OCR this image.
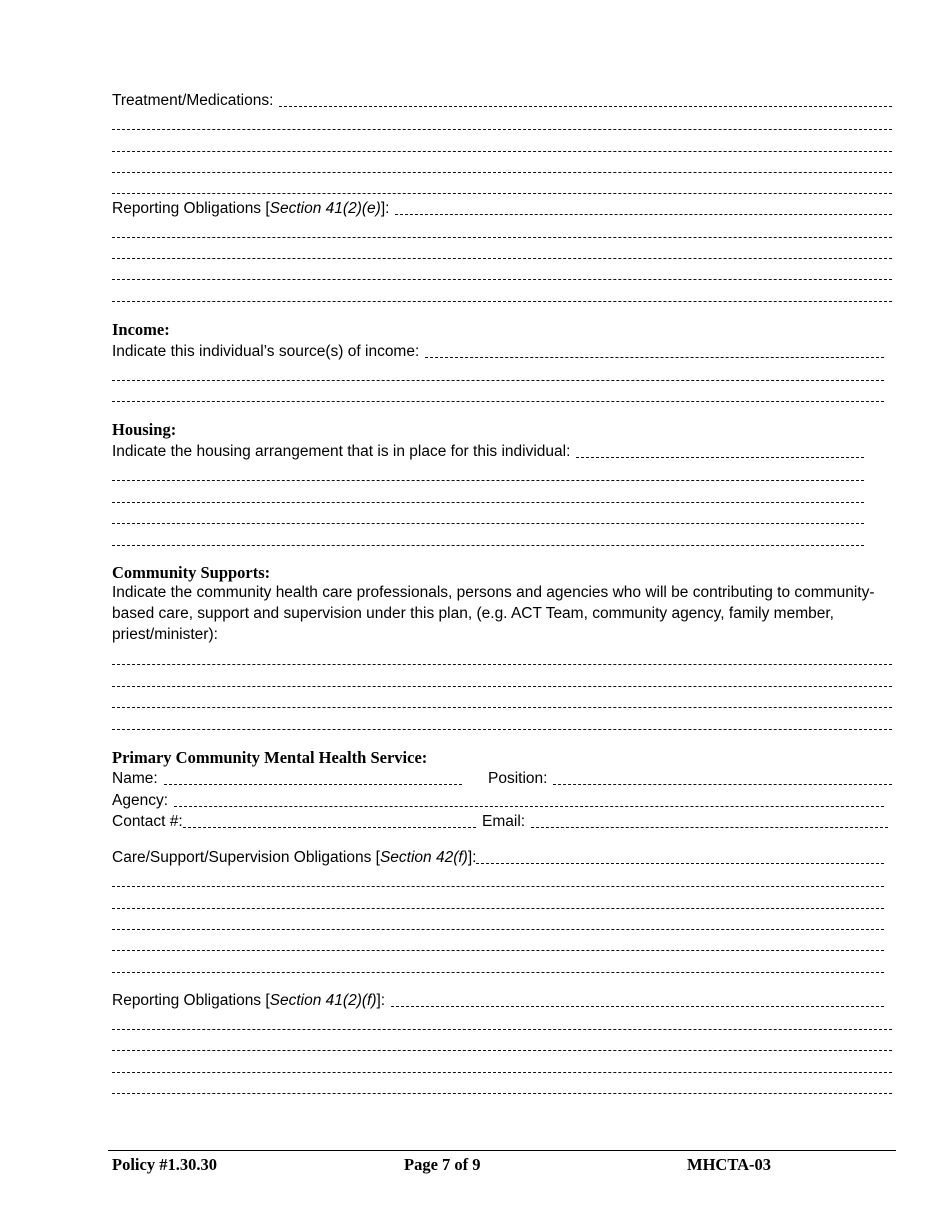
Treatment/Medications:
Reporting Obligations [Section 41(2)(e)]:
Income:
Indicate this individual’s source(s) of income:
Housing:
Indicate the housing arrangement that is in place for this individual:
Community Supports:
Indicate the community health care professionals, persons and agencies who will be contributing to community-based care, support and supervision under this plan, (e.g. ACT Team, community agency, family member, priest/minister):
Primary Community Mental Health Service:
Name:	Position:
Agency:
Contact #:	Email:
Care/Support/Supervision Obligations [Section 42(f)]:
Reporting Obligations [Section 41(2)(f)]:
Policy #1.30.30	Page 7 of 9	MHCTA-03
